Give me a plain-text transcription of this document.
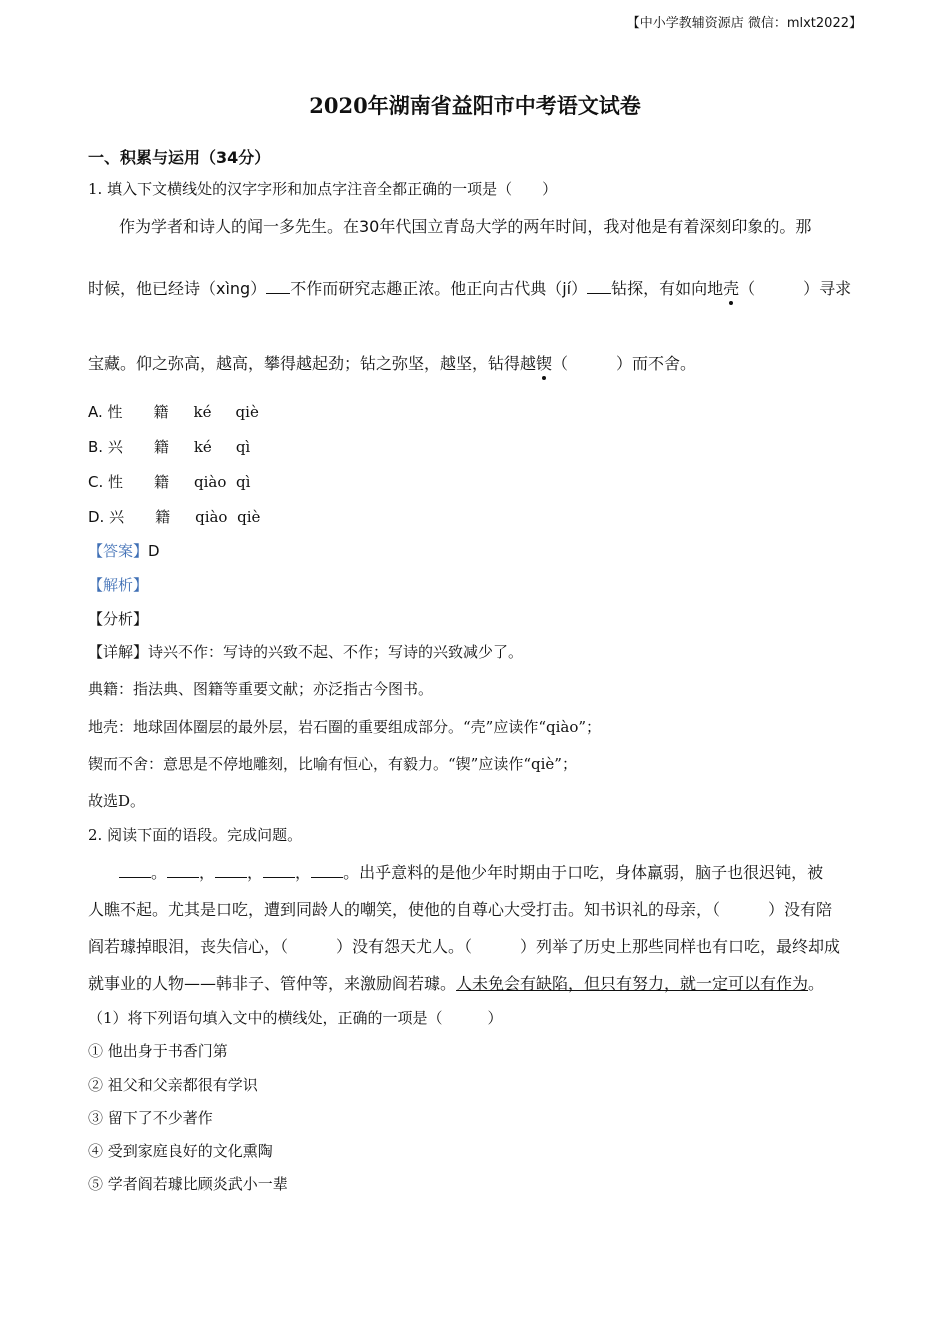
【中小学教辅资源店 微信：mlxt2022】
2020年湖南省益阳市中考语文试卷
一、积累与运用（34分）
1. 填入下文横线处的汉字字形和加点字注音全都正确的一项是（　　）
作为学者和诗人的闻一多先生。在30年代国立青岛大学的两年时间，我对他是有着深刻印象的。那
时候，他已经诗（xìng） 不作而研究志趣正浓。他正向古代典（jí） 钻探，有如向地壳
（　　　）寻求
宝藏。仰之弥高，越高，攀得越起劲；钻之弥坚，越坚，钻得越锲
（　　　）而不舍。
A. 性 籍 ké qiè
B. 兴 籍 ké qì
C. 性 籍 qiào qì
D. 兴 籍 qiào qiè
【答案】D
【解析】
【分析】
【详解】诗兴不作：写诗的兴致不起、不作；写诗的兴致减少了。
典籍：指法典、图籍等重要文献；亦泛指古今图书。
地壳：地球固体圈层的最外层，岩石圈的重要组成部分。“壳”应读作“qiào”；
锲而不舍：意思是不停地雕刻，比喻有恒心，有毅力。“锲”应读作“qiè”；
故选D。
2. 阅读下面的语段。完成问题。
。 ， ， ， 。出乎意料的是他少年时期由于口吃，身体羸弱，脑子也很迟钝，被
人瞧不起。尤其是口吃，遭到同龄人的嘲笑，使他的自尊心大受打击。知书识礼的母亲，（　　　）没有陪
阎若璩掉眼泪，丧失信心，（　　　）没有怨天尤人。（　　　）列举了历史上那些同样也有口吃，最终却成
就事业的人物——韩非子、管仲等，来激励阎若璩。人未免会有缺陷，但只有努力，就一定可以有作为。
（1）将下列语句填入文中的横线处，正确的一项是（　　　）
① 他出身于书香门第
② 祖父和父亲都很有学识
③ 留下了不少著作
④ 受到家庭良好的文化熏陶
⑤ 学者阎若璩比顾炎武小一辈
